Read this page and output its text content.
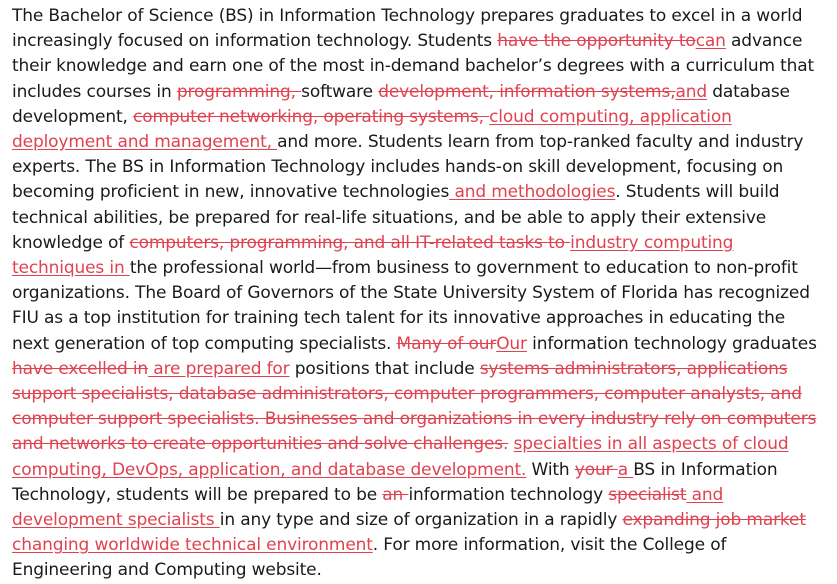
The Bachelor of Science (BS) in Information Technology prepares graduates to excel in a world increasingly focused on information technology. Students have the opportunity tocan advance their knowledge and earn one of the most in-demand bachelor’s degrees with a curriculum that includes courses in programming, software development, information systems,and database development, computer networking, operating systems, cloud computing, application deployment and management, and more. Students learn from top-ranked faculty and industry experts. The BS in Information Technology includes hands-on skill development, focusing on becoming proficient in new, innovative technologies and methodologies. Students will build technical abilities, be prepared for real-life situations, and be able to apply their extensive knowledge of computers, programming, and all IT-related tasks to industry computing techniques in the professional world—from business to government to education to non-profit organizations. The Board of Governors of the State University System of Florida has recognized FIU as a top institution for training tech talent for its innovative approaches in educating the next generation of top computing specialists. Many of ourOur information technology graduates have excelled in are prepared for positions that include systems administrators, applications support specialists, database administrators, computer programmers, computer analysts, and computer support specialists. Businesses and organizations in every industry rely on computers and networks to create opportunities and solve challenges. specialties in all aspects of cloud computing, DevOps, application, and database development. With your a BS in Information Technology, students will be prepared to be an information technology specialist and development specialists in any type and size of organization in a rapidly expanding job market changing worldwide technical environment. For more information, visit the College of Engineering and Computing website.
